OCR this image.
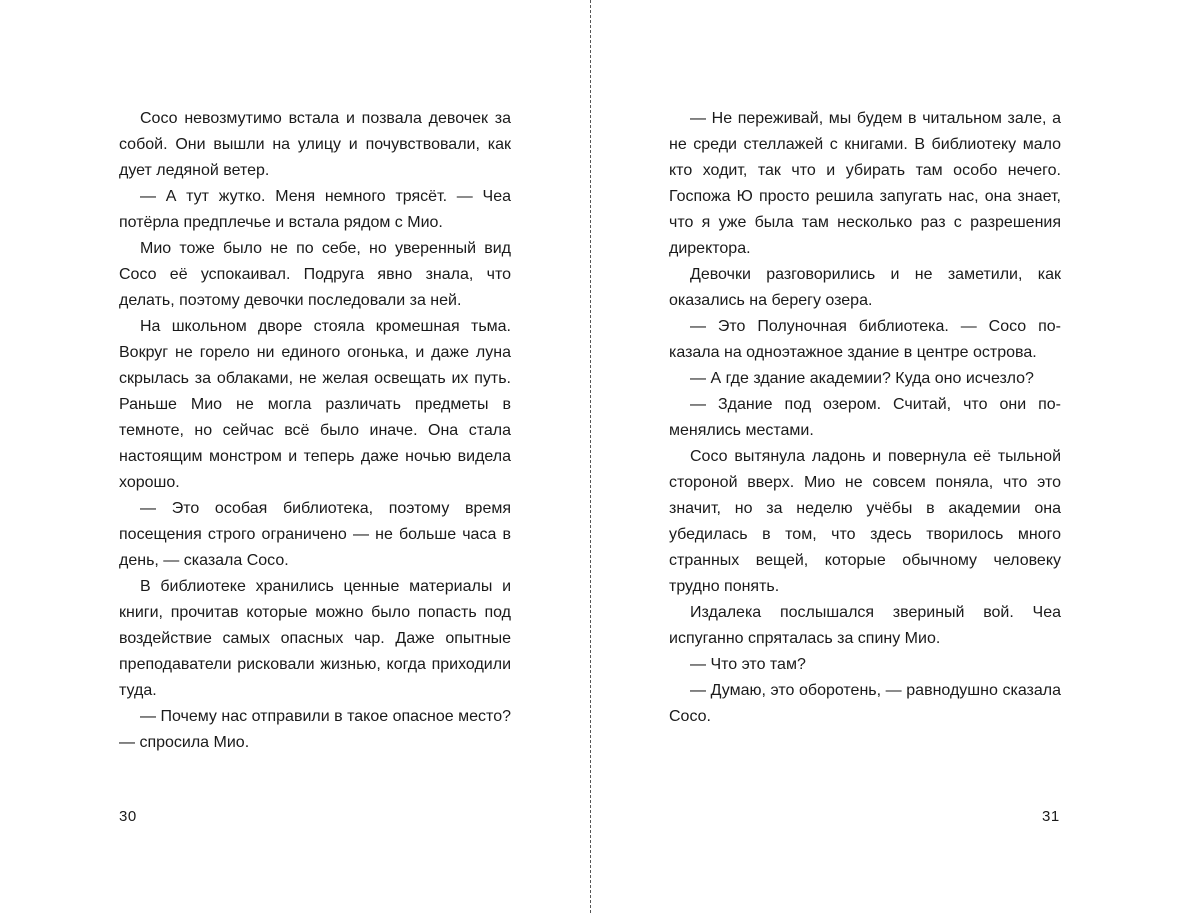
Сосо невозмутимо встала и позвала девочек за собой. Они вышли на улицу и почувствовали, как дует ледяной ветер.

— А тут жутко. Меня немного трясёт. — Чеа потёрла предплечье и встала рядом с Мио.

Мио тоже было не по себе, но уверенный вид Сосо её успокаивал. Подруга явно знала, что делать, поэтому девочки последовали за ней.

На школьном дворе стояла кромешная тьма. Вокруг не горело ни единого огонька, и даже луна скрылась за облаками, не желая освещать их путь. Раньше Мио не могла различать предметы в темноте, но сейчас всё было иначе. Она стала настоящим монстром и теперь даже ночью видела хорошо.

— Это особая библиотека, поэтому время посещения строго ограничено — не больше часа в день, — сказала Сосо.

В библиотеке хранились ценные материалы и книги, прочитав которые можно было попасть под воздействие самых опасных чар. Даже опытные преподаватели рисковали жизнью, когда приходили туда.

— Почему нас отправили в такое опасное место? — спросила Мио.

— Не переживай, мы будем в читальном зале, а не среди стеллажей с книгами. В библиотеку мало кто ходит, так что и убирать там особо нечего. Госпожа Ю просто решила запугать нас, она знает, что я уже была там несколько раз с разрешения директора.

Девочки разговорились и не заметили, как оказались на берегу озера.

— Это Полуночная библиотека. — Сосо показала на одноэтажное здание в центре острова.

— А где здание академии? Куда оно исчезло?

— Здание под озером. Считай, что они поменялись местами.

Сосо вытянула ладонь и повернула её тыльной стороной вверх. Мио не совсем поняла, что это значит, но за неделю учёбы в академии она убедилась в том, что здесь творилось много странных вещей, которые обычному человеку трудно понять.

Издалека послышался звериный вой. Чеа испуганно спряталась за спину Мио.

— Что это там?

— Думаю, это оборотень, — равнодушно сказала Сосо.

30	31
